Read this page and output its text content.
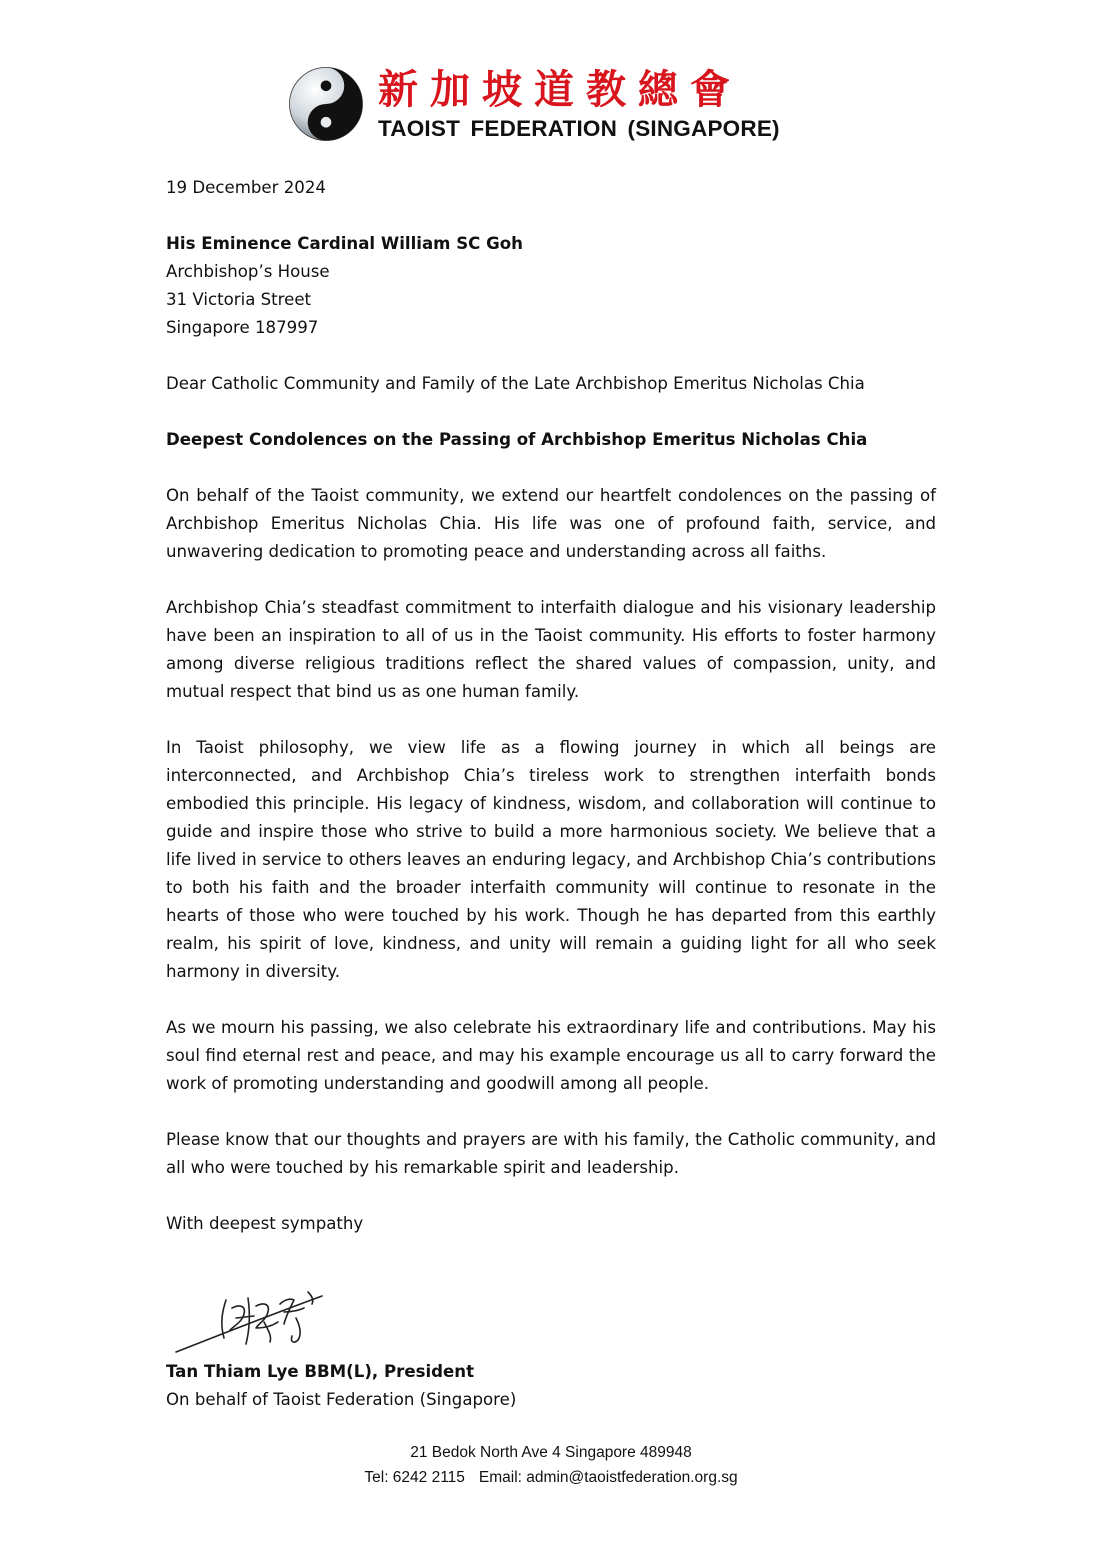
新加坡道教總會
TAOIST FEDERATION (SINGAPORE)
19 December 2024
His Eminence Cardinal William SC Goh
Archbishop’s House
31 Victoria Street
Singapore 187997
Dear Catholic Community and Family of the Late Archbishop Emeritus Nicholas Chia
Deepest Condolences on the Passing of Archbishop Emeritus Nicholas Chia

On behalf of the Taoist community, we extend our heartfelt condolences on the passing of Archbishop Emeritus Nicholas Chia. His life was one of profound faith, service, and unwavering dedication to promoting peace and understanding across all faiths.

Archbishop Chia’s steadfast commitment to interfaith dialogue and his visionary leadership have been an inspiration to all of us in the Taoist community. His efforts to foster harmony among diverse religious traditions reflect the shared values of compassion, unity, and mutual respect that bind us as one human family.

In Taoist philosophy, we view life as a flowing journey in which all beings are interconnected, and Archbishop Chia’s tireless work to strengthen interfaith bonds embodied this principle. His legacy of kindness, wisdom, and collaboration will continue to guide and inspire those who strive to build a more harmonious society. We believe that a life lived in service to others leaves an enduring legacy, and Archbishop Chia’s contributions to both his faith and the broader interfaith community will continue to resonate in the hearts of those who were touched by his work. Though he has departed from this earthly realm, his spirit of love, kindness, and unity will remain a guiding light for all who seek harmony in diversity.

As we mourn his passing, we also celebrate his extraordinary life and contributions. May his soul find eternal rest and peace, and may his example encourage us all to carry forward the work of promoting understanding and goodwill among all people.

Please know that our thoughts and prayers are with his family, the Catholic community, and all who were touched by his remarkable spirit and leadership.

With deepest sympathy
Tan Thiam Lye BBM(L), President
On behalf of Taoist Federation (Singapore)
21 Bedok North Ave 4 Singapore 489948
Tel: 6242 2115 Email: admin@taoistfederation.org.sg
